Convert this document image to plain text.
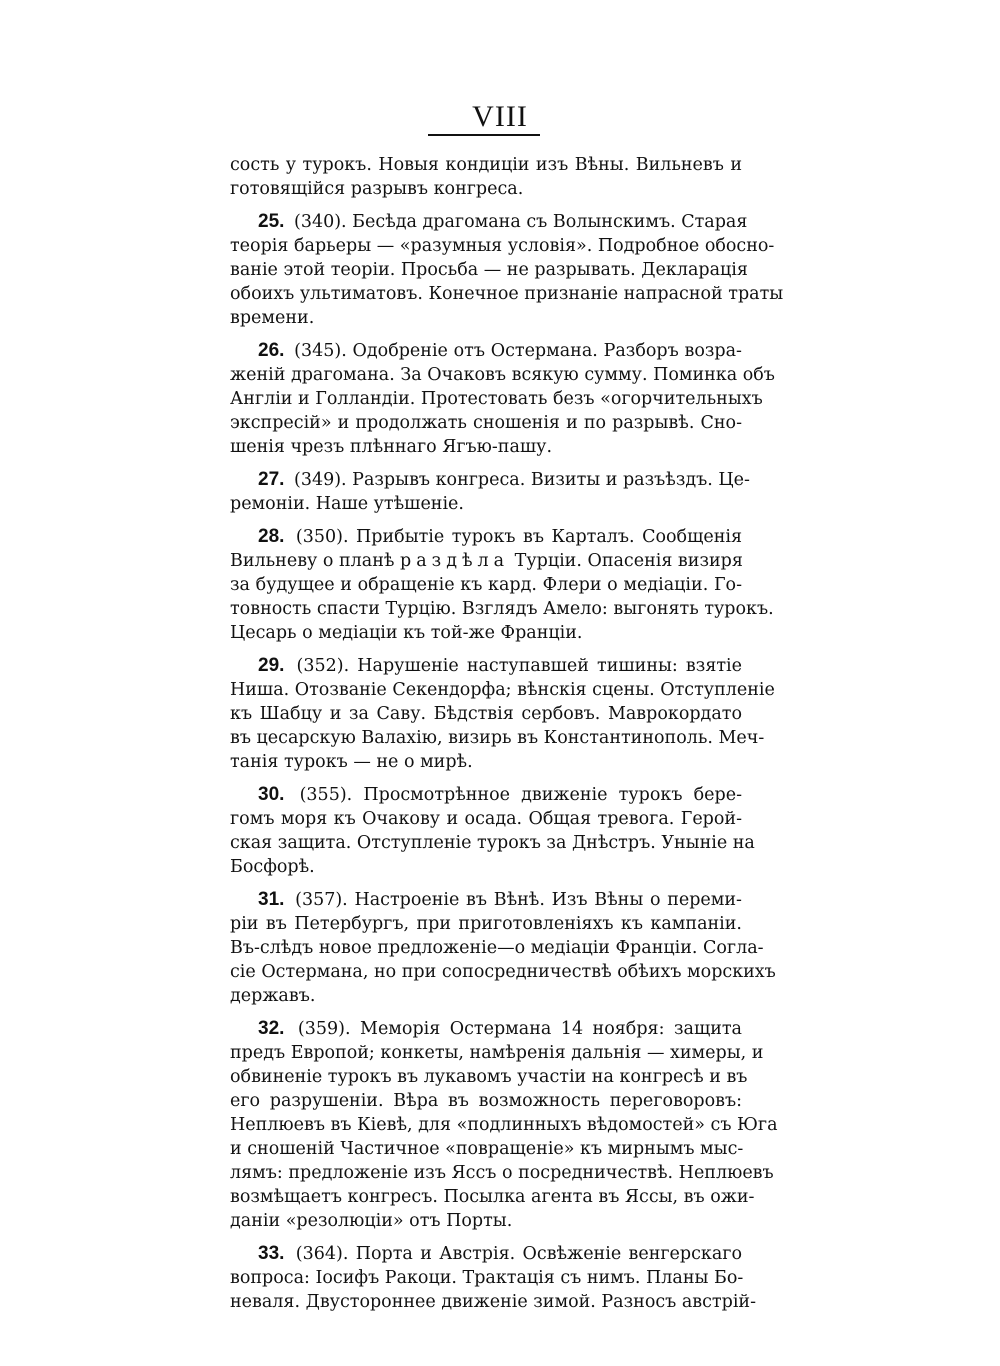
VIII
сость у турокъ. Новыя кондиціи изъ Вѣны. Вильневъ и
готовящійся разрывъ конгреса.
25. (340). Бесѣда драгомана съ Волынскимъ. Старая
теорія барьеры — «разумныя условія». Подробное обосно-
ваніе этой теоріи. Просьба — не разрывать. Декларація
обоихъ ультиматовъ. Конечное признаніе напрасной траты
времени.
26. (345). Одобреніе отъ Остермана. Разборъ возра-
женій драгомана. За Очаковъ всякую сумму. Поминка объ
Англіи и Голландіи. Протестовать безъ «огорчительныхъ
экспресій» и продолжать сношенія и по разрывѣ. Сно-
шенія чрезъ плѣннаго Ягъю-пашу.
27. (349). Разрывъ конгреса. Визиты и разъѣздъ. Це-
ремоніи. Наше утѣшеніе.
28. (350). Прибытіе турокъ въ Карталъ. Сообщенія
Вильневу о планѣ раздѣла Турціи. Опасенія визиря
за будущее и обращеніе къ кард. Флери о медіаціи. Го-
товность спасти Турцію. Взглядъ Амело: выгонять турокъ.
Цесарь о медіаціи къ той-же Франціи.
29. (352). Нарушеніе наступавшей тишины: взятіе
Ниша. Отозваніе Секендорфа; вѣнскія сцены. Отступленіе
къ Шабцу и за Саву. Бѣдствія сербовъ. Маврокордато
въ цесарскую Валахію, визирь въ Константинополь. Меч-
танія турокъ — не о мирѣ.
30. (355). Просмотрѣнное движеніе турокъ бере-
гомъ моря къ Очакову и осада. Общая тревога. Герой-
ская защита. Отступленіе турокъ за Днѣстръ. Уныніе на
Босфорѣ.
31. (357). Настроеніе въ Вѣнѣ. Изъ Вѣны о переми-
ріи въ Петербургъ, при приготовленіяхъ къ кампаніи.
Въ-слѣдъ новое предложеніе—о медіаціи Франціи. Согла-
сіе Остермана, но при сопосредничествѣ обѣихъ морскихъ
державъ.
32. (359). Меморія Остермана 14 ноября: защита
предъ Европой; конкеты, намѣренія дальнія — химеры, и
обвиненіе турокъ въ лукавомъ участіи на конгресѣ и въ
его разрушеніи. Вѣра въ возможность переговоровъ:
Неплюевъ въ Кіевѣ, для «подлинныхъ вѣдомостей» съ Юга
и сношеній Частичное «повращеніе» къ мирнымъ мыс-
лямъ: предложеніе изъ Яссъ о посредничествѣ. Неплюевъ
возмѣщаетъ конгресъ. Посылка агента въ Яссы, въ ожи-
даніи «резолюціи» отъ Порты.
33. (364). Порта и Австрія. Освѣженіе венгерскаго
вопроса: Іосифъ Ракоци. Трактація съ нимъ. Планы Бо-
неваля. Двустороннее движеніе зимой. Разносъ австрій-
